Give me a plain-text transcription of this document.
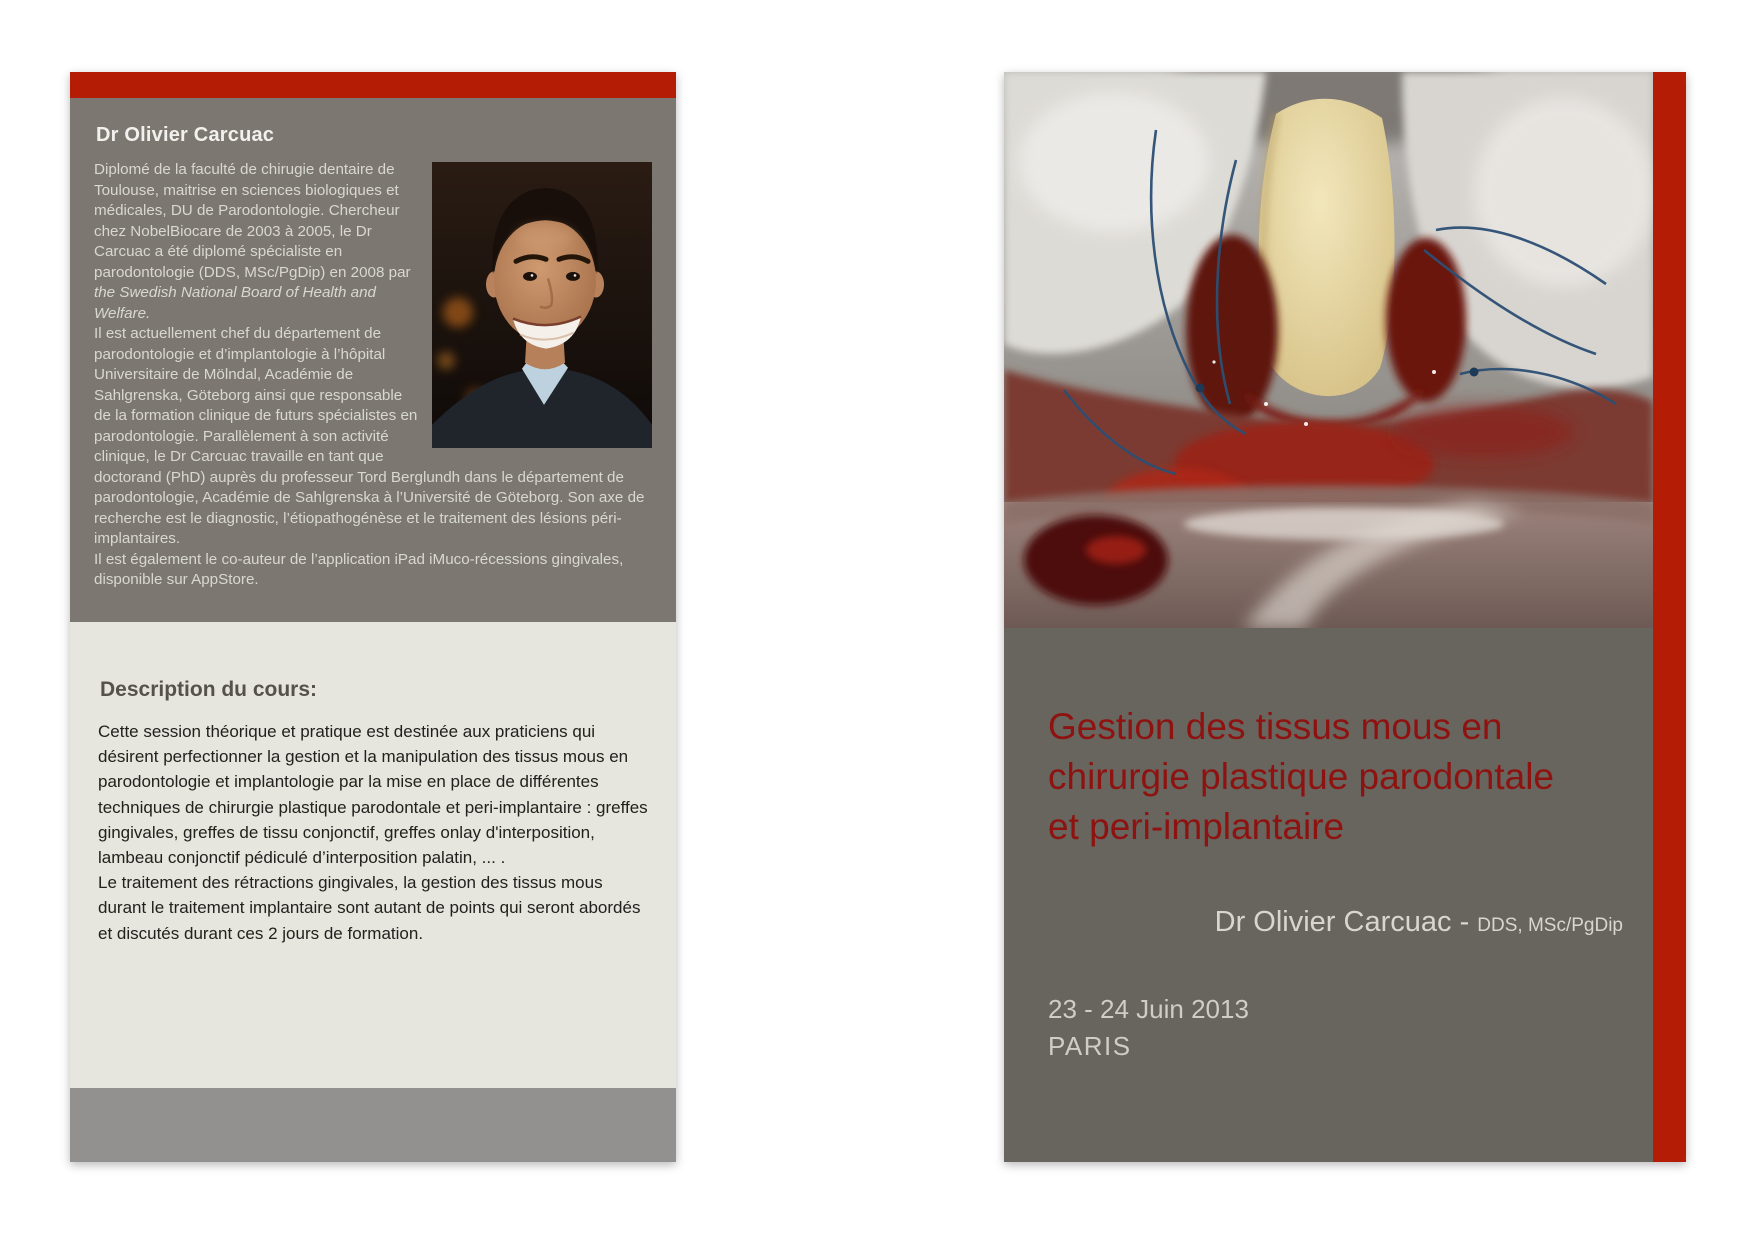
Dr Olivier Carcuac
Diplomé de la faculté de chirugie dentaire de Toulouse, maitrise en sciences biologiques et médicales, DU de Parodontologie. Chercheur chez NobelBiocare de 2003 à 2005, le Dr Carcuac a été diplomé spécialiste en parodontologie (DDS, MSc/PgDip) en 2008 par the Swedish National Board of Health and Welfare.
Il est actuellement chef du département de parodontologie et d’implantologie à l’hôpital Universitaire de Mölndal, Académie de Sahlgrenska, Göteborg ainsi que responsable de la formation clinique de futurs spécialistes en parodontologie. Parallèlement à son activité clinique, le Dr Carcuac travaille en tant que doctorand (PhD) auprès du professeur Tord Berglundh dans le département de parodontologie, Académie de Sahlgrenska à l’Université de Göteborg. Son axe de recherche est le diagnostic, l’étiopathogénèse et le traitement des lésions péri-implantaires.
Il est également le co-auteur de l’application iPad iMuco-récessions gingivales, disponible sur AppStore.
Description du cours:

Cette session théorique et pratique est destinée aux praticiens qui désirent perfectionner la gestion et la manipulation des tissus mous en parodontologie et implantologie par la mise en place de différentes techniques de chirurgie plastique parodontale et peri-implantaire : greffes gingivales, greffes de tissu conjonctif, greffes onlay d'interposition, lambeau conjonctif pédiculé d’interposition palatin, ... .

Le traitement des rétractions gingivales, la gestion des tissus mous durant le traitement implantaire sont autant de points qui seront abordés et discutés durant ces 2 jours de formation.

Gestion des tissus mous en
chirurgie plastique parodontale
et peri-implantaire
Dr Olivier Carcuac - DDS, MSc/PgDip
23 - 24 Juin 2013
PARIS
